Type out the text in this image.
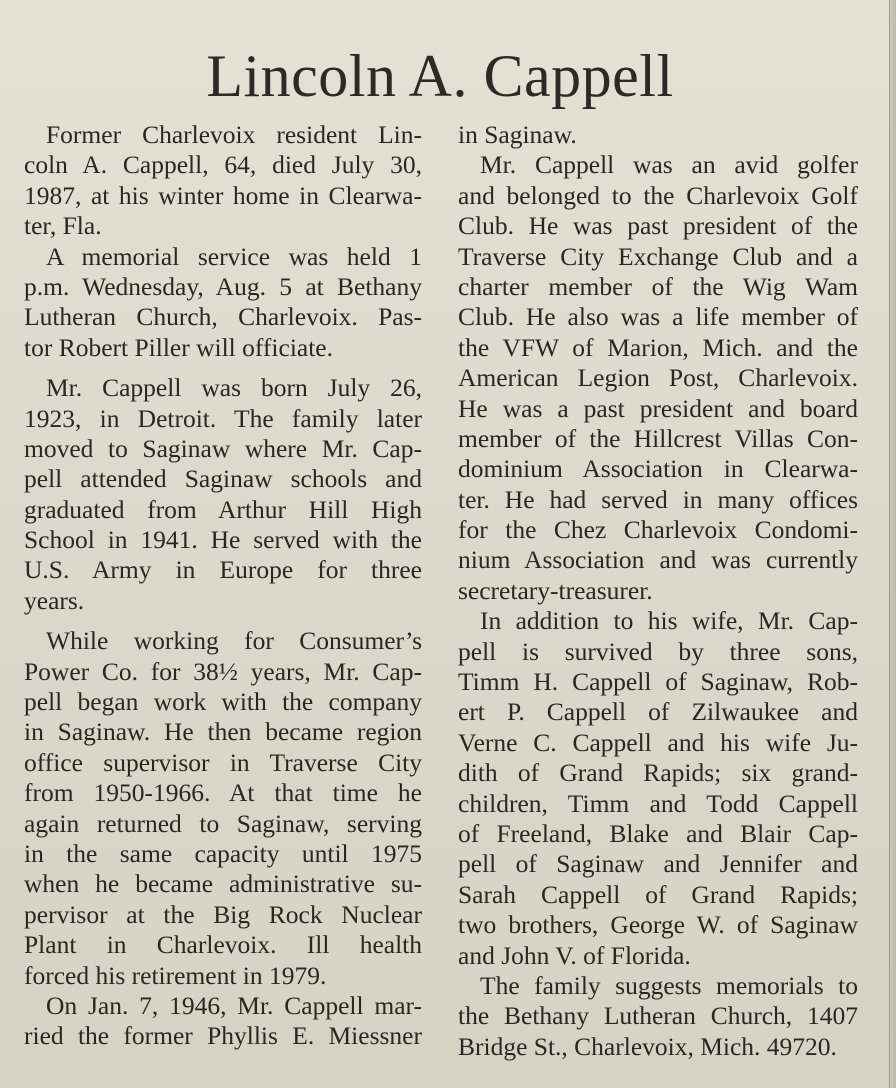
Lincoln A. Cappell
Former Charlevoix resident Lin-
coln A. Cappell, 64, died July 30,
1987, at his winter home in Clearwa-
ter, Fla.
A memorial service was held 1
p.m. Wednesday, Aug. 5 at Bethany
Lutheran Church, Charlevoix. Pas-
tor Robert Piller will officiate.
Mr. Cappell was born July 26,
1923, in Detroit. The family later
moved to Saginaw where Mr. Cap-
pell attended Saginaw schools and
graduated from Arthur Hill High
School in 1941. He served with the
U.S. Army in Europe for three
years.
While working for Consumer’s
Power Co. for 38½ years, Mr. Cap-
pell began work with the company
in Saginaw. He then became region
office supervisor in Traverse City
from 1950-1966. At that time he
again returned to Saginaw, serving
in the same capacity until 1975
when he became administrative su-
pervisor at the Big Rock Nuclear
Plant in Charlevoix. Ill health
forced his retirement in 1979.
On Jan. 7, 1946, Mr. Cappell mar-
ried the former Phyllis E. Miessner
in Saginaw.
Mr. Cappell was an avid golfer
and belonged to the Charlevoix Golf
Club. He was past president of the
Traverse City Exchange Club and a
charter member of the Wig Wam
Club. He also was a life member of
the VFW of Marion, Mich. and the
American Legion Post, Charlevoix.
He was a past president and board
member of the Hillcrest Villas Con-
dominium Association in Clearwa-
ter. He had served in many offices
for the Chez Charlevoix Condomi-
nium Association and was currently
secretary-treasurer.
In addition to his wife, Mr. Cap-
pell is survived by three sons,
Timm H. Cappell of Saginaw, Rob-
ert P. Cappell of Zilwaukee and
Verne C. Cappell and his wife Ju-
dith of Grand Rapids; six grand-
children, Timm and Todd Cappell
of Freeland, Blake and Blair Cap-
pell of Saginaw and Jennifer and
Sarah Cappell of Grand Rapids;
two brothers, George W. of Saginaw
and John V. of Florida.
The family suggests memorials to
the Bethany Lutheran Church, 1407
Bridge St., Charlevoix, Mich. 49720.
